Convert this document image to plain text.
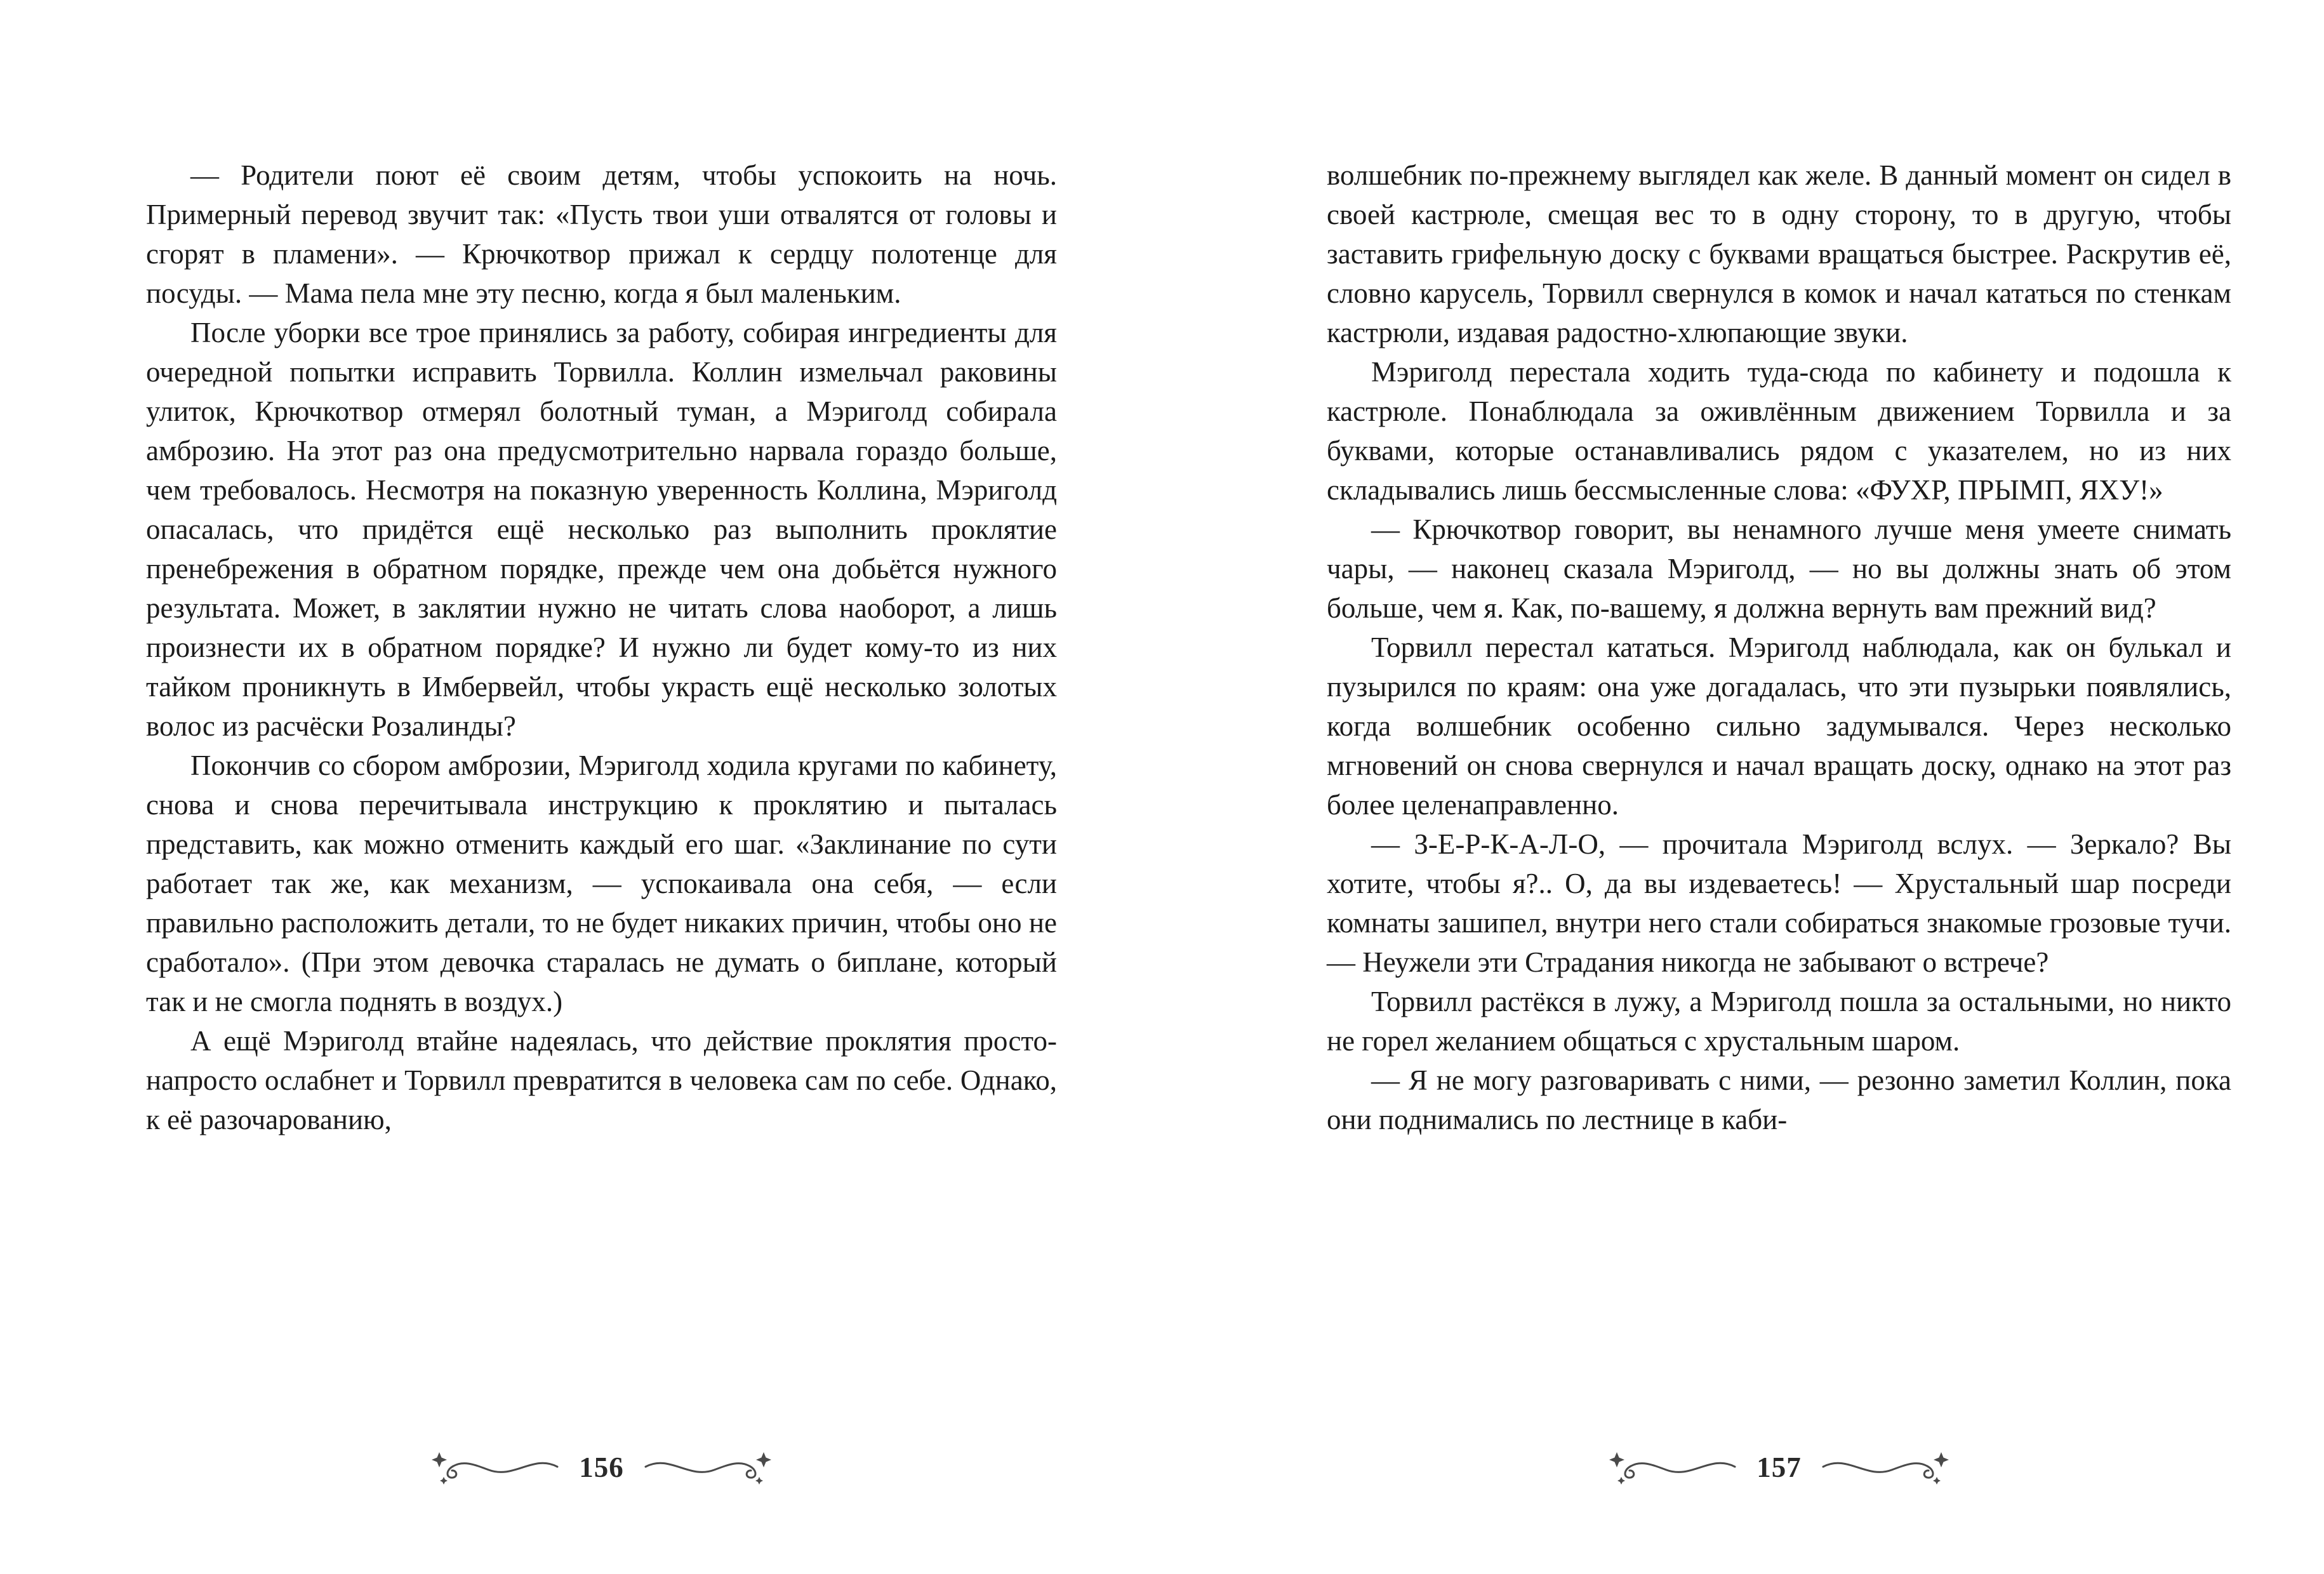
— Родители поют её своим детям, чтобы успокоить на ночь. Примерный перевод звучит так: «Пусть твои уши отвалятся от головы и сгорят в пламени». — Крючкотвор прижал к сердцу полотенце для посуды. — Мама пела мне эту песню, когда я был маленьким.

После уборки все трое принялись за работу, собирая ингредиенты для очередной попытки исправить Торвилла. Коллин измельчал раковины улиток, Крючкотвор отмерял болотный туман, а Мэриголд собирала амброзию. На этот раз она предусмотрительно нарвала гораздо больше, чем требовалось. Несмотря на показную уверенность Коллина, Мэриголд опасалась, что придётся ещё несколько раз выполнить проклятие пренебрежения в обратном порядке, прежде чем она добьётся нужного результата. Может, в заклятии нужно не читать слова наоборот, а лишь произнести их в обратном порядке? И нужно ли будет кому-то из них тайком проникнуть в Имбервейл, чтобы украсть ещё несколько золотых волос из расчёски Розалинды?

Покончив со сбором амброзии, Мэриголд ходила кругами по кабинету, снова и снова перечитывала инструкцию к проклятию и пыталась представить, как можно отменить каждый его шаг. «Заклинание по сути работает так же, как механизм, — успокаивала она себя, — если правильно расположить детали, то не будет никаких причин, чтобы оно не сработало». (При этом девочка старалась не думать о биплане, который так и не смогла поднять в воздух.)

А ещё Мэриголд втайне надеялась, что действие проклятия просто-напросто ослабнет и Торвилл превратится в человека сам по себе. Однако, к её разочарованию,

156

волшебник по-прежнему выглядел как желе. В данный момент он сидел в своей кастрюле, смещая вес то в одну сторону, то в другую, чтобы заставить грифельную доску с буквами вращаться быстрее. Раскрутив её, словно карусель, Торвилл свернулся в комок и начал кататься по стенкам кастрюли, издавая радостно-хлюпающие звуки.

Мэриголд перестала ходить туда-сюда по кабинету и подошла к кастрюле. Понаблюдала за оживлённым движением Торвилла и за буквами, которые останавливались рядом с указателем, но из них складывались лишь бессмысленные слова: «ФУХР, ПРЫМП, ЯХУ!»

— Крючкотвор говорит, вы ненамного лучше меня умеете снимать чары, — наконец сказала Мэриголд, — но вы должны знать об этом больше, чем я. Как, по-вашему, я должна вернуть вам прежний вид?

Торвилл перестал кататься. Мэриголд наблюдала, как он булькал и пузырился по краям: она уже догадалась, что эти пузырьки появлялись, когда волшебник особенно сильно задумывался. Через несколько мгновений он снова свернулся и начал вращать доску, однако на этот раз более целенаправленно.

— З-Е-Р-К-А-Л-О, — прочитала Мэриголд вслух. — Зеркало? Вы хотите, чтобы я?.. О, да вы издеваетесь! — Хрустальный шар посреди комнаты зашипел, внутри него стали собираться знакомые грозовые тучи. — Неужели эти Страдания никогда не забывают о встрече?

Торвилл растёкся в лужу, а Мэриголд пошла за остальными, но никто не горел желанием общаться с хрустальным шаром.

— Я не могу разговаривать с ними, — резонно заметил Коллин, пока они поднимались по лестнице в каби-

157
